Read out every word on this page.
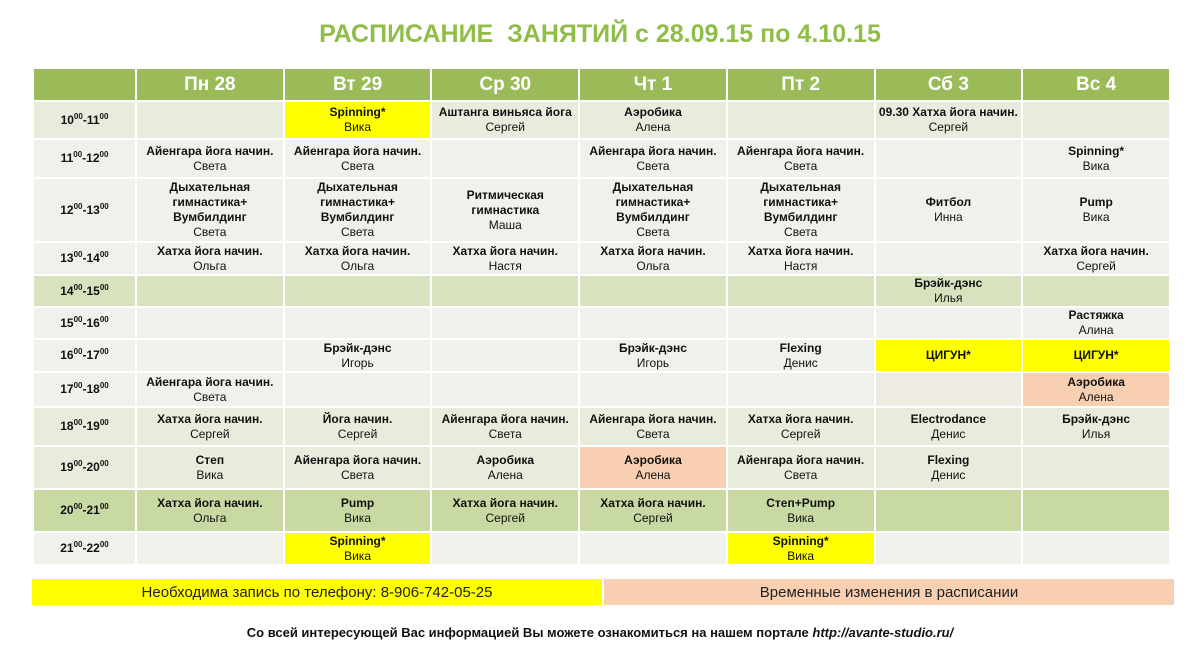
РАСПИСАНИЕ  ЗАНЯТИЙ с 28.09.15 по 4.10.15
	Пн 28	Вт 29	Ср 30	Чт 1	Пт 2	Сб 3	Вс 4
$10^{00}-11^{00}$		Spinning*
Вика	Аштанга виньяса йога
Сергей	Аэробика
Алена		09.30 Хатха йога начин.
Сергей	

$11^{00}-12^{00}$	Айенгара йога начин.
Света	Айенгара йога начин.
Света		Айенгара йога начин.
Света	Айенгара йога начин.
Света		Spinning*
Вика

$12^{00}-13^{00}$	Дыхательная
гимнастика+
Вумбилдинг
Света	Дыхательная
гимнастика+
Вумбилдинг
Света	Ритмическая
гимнастика
Маша	Дыхательная
гимнастика+
Вумбилдинг
Света	Дыхательная
гимнастика+
Вумбилдинг
Света	Фитбол
Инна	Pump
Вика

$13^{00}-14^{00}$	Хатха йога начин.
Ольга	Хатха йога начин.
Ольга	Хатха йога начин.
Настя	Хатха йога начин.
Ольга	Хатха йога начин.
Настя		Хатха йога начин.
Сергей

$14^{00}-15^{00}$						Брэйк-дэнс
Илья	

$15^{00}-16^{00}$							Растяжка
Алина

$16^{00}-17^{00}$		Брэйк-дэнс
Игорь		Брэйк-дэнс
Игорь	Flexing
Денис	ЦИГУН*	ЦИГУН*

$17^{00}-18^{00}$	Айенгара йога начин.
Света						Аэробика
Алена

$18^{00}-19^{00}$	Хатха йога начин.
Сергей	Йога начин.
Сергей	Айенгара йога начин.
Света	Айенгара йога начин.
Света	Хатха йога начин.
Сергей	Electrodance
Денис	Брэйк-дэнс
Илья

$19^{00}-20^{00}$	Степ
Вика	Айенгара йога начин.
Света	Аэробика
Алена	Аэробика
Алена	Айенгара йога начин.
Света	Flexing
Денис	

$20^{00}-21^{00}$	Хатха йога начин.
Ольга	Pump
Вика	Хатха йога начин.
Сергей	Хатха йога начин.
Сергей	Степ+Pump
Вика		

$21^{00}-22^{00}$		Spinning*
Вика			Spinning*
Вика		

Необходима запись по телефону: 8-906-742-05-25	Временные изменения в расписании
Со всей интересующей Вас информацией Вы можете ознакомиться на нашем портале http://avante-studio.ru/
